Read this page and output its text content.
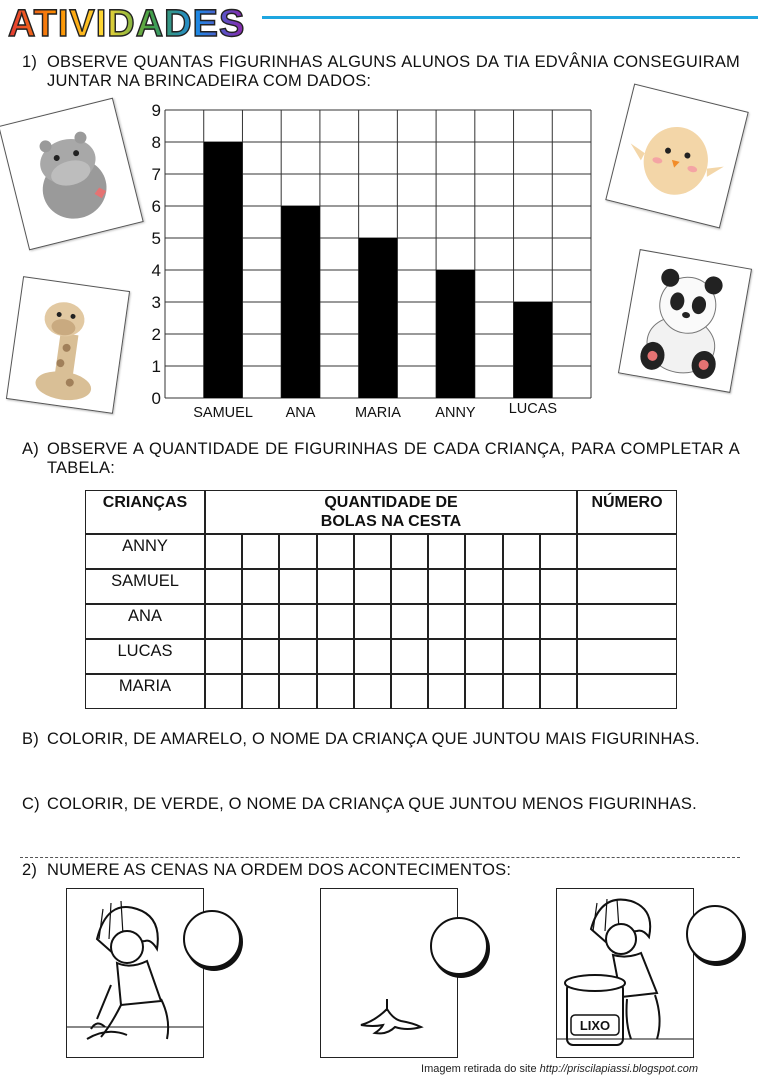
ATIVIDADES
1) OBSERVE QUANTAS FIGURINHAS ALGUNS ALUNOS DA TIA EDVÂNIA CONSEGUIRAM JUNTAR NA BRINCADEIRA COM DADOS:
0
1
2
3
4
5
6
7
8
9
SAMUEL ANA	MARIA ANNY LUCAS
A) OBSERVE A QUANTIDADE DE FIGURINHAS DE CADA CRIANÇA, PARA COMPLETAR A TABELA:
CRIANÇAS	QUANTIDADE DE
BOLAS NA CESTA										NÚMERO
ANNY											
SAMUEL											
ANA											
LUCAS											
MARIA											
B) COLORIR, DE AMARELO, O NOME DA CRIANÇA QUE JUNTOU MAIS FIGURINHAS.
C) COLORIR, DE VERDE, O NOME DA CRIANÇA QUE JUNTOU MENOS FIGURINHAS.
2) NUMERE AS CENAS NA ORDEM DOS ACONTECIMENTOS:
LIXO
Imagem retirada do site http://priscilapiassi.blogspot.com
